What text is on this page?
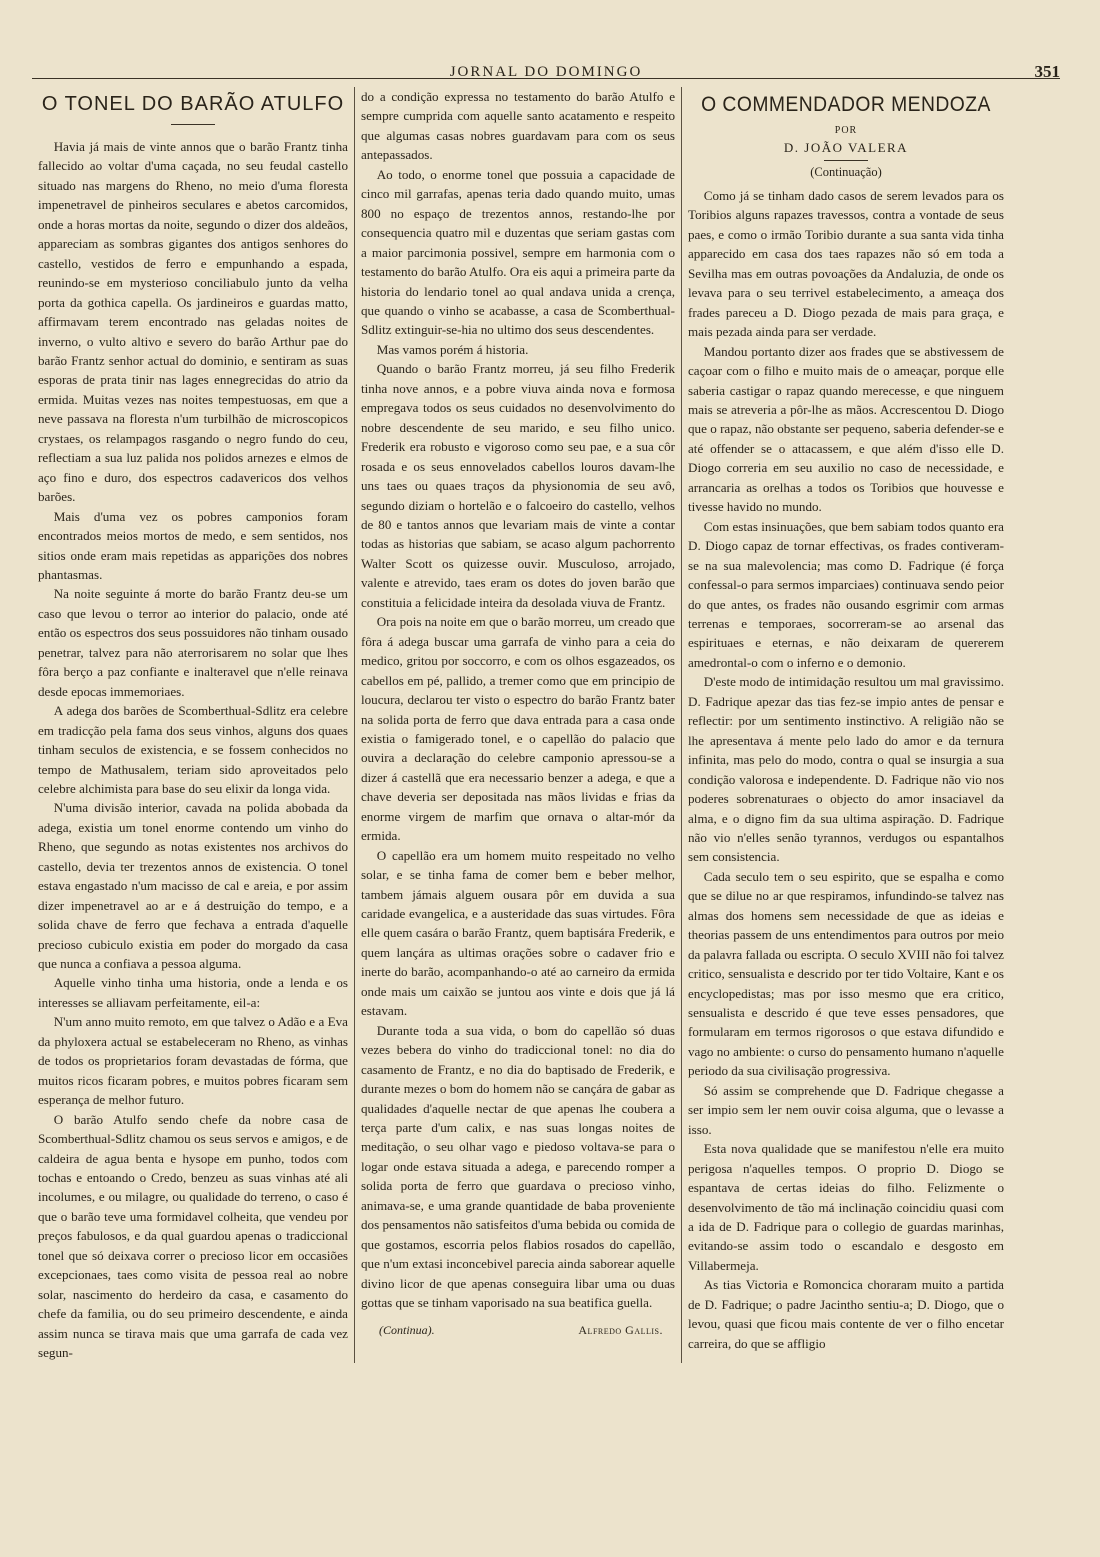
JORNAL DO DOMINGO	351
O TONEL DO BARÃO ATULFO

Havia já mais de vinte annos que o barão Frantz tinha fallecido ao voltar d'uma caçada, no seu feudal castello situado nas margens do Rheno, no meio d'uma floresta impenetravel de pinheiros seculares e abetos carcomidos, onde a horas mortas da noite, segundo o dizer dos aldeãos, appareciam as sombras gigantes dos antigos senhores do castello, vestidos de ferro e empunhando a espada, reunindo-se em mysterioso conciliabulo junto da velha porta da gothica capella. Os jardineiros e guardas matto, affirmavam terem encontrado nas geladas noites de inverno, o vulto altivo e severo do barão Arthur pae do barão Frantz senhor actual do dominio, e sentiram as suas esporas de prata tinir nas lages ennegrecidas do atrio da ermida. Muitas vezes nas noites tempestuosas, em que a neve passava na floresta n'um turbilhão de microscopicos crystaes, os relampagos rasgando o negro fundo do ceu, reflectiam a sua luz palida nos polidos arnezes e elmos de aço fino e duro, dos espectros cadavericos dos velhos barões.

Mais d'uma vez os pobres camponios foram encontrados meios mortos de medo, e sem sentidos, nos sitios onde eram mais repetidas as apparições dos nobres phantasmas.

Na noite seguinte á morte do barão Frantz deu-se um caso que levou o terror ao interior do palacio, onde até então os espectros dos seus possuidores não tinham ousado penetrar, talvez para não aterrorisarem no solar que lhes fôra berço a paz confiante e inalteravel que n'elle reinava desde epocas immemoriaes.

A adega dos barões de Scomberthual-Sdlitz era celebre em tradicção pela fama dos seus vinhos, alguns dos quaes tinham seculos de existencia, e se fossem conhecidos no tempo de Mathusalem, teriam sido aproveitados pelo celebre alchimista para base do seu elixir da longa vida.

N'uma divisão interior, cavada na polida abobada da adega, existia um tonel enorme contendo um vinho do Rheno, que segundo as notas existentes nos archivos do castello, devia ter trezentos annos de existencia. O tonel estava engastado n'um macisso de cal e areia, e por assim dizer impenetravel ao ar e á destruição do tempo, e a solida chave de ferro que fechava a entrada d'aquelle precioso cubiculo existia em poder do morgado da casa que nunca a confiava a pessoa alguma.

Aquelle vinho tinha uma historia, onde a lenda e os interesses se alliavam perfeitamente, eil-a:

N'um anno muito remoto, em que talvez o Adão e a Eva da phyloxera actual se estabeleceram no Rheno, as vinhas de todos os proprietarios foram devastadas de fórma, que muitos ricos ficaram pobres, e muitos pobres ficaram sem esperança de melhor futuro.

O barão Atulfo sendo chefe da nobre casa de Scomberthual-Sdlitz chamou os seus servos e amigos, e de caldeira de agua benta e hysope em punho, todos com tochas e entoando o Credo, benzeu as suas vinhas até ali incolumes, e ou milagre, ou qualidade do terreno, o caso é que o barão teve uma formidavel colheita, que vendeu por preços fabulosos, e da qual guardou apenas o tradiccional tonel que só deixava correr o precioso licor em occasiões excepcionaes, taes como visita de pessoa real ao nobre solar, nascimento do herdeiro da casa, e casamento do chefe da familia, ou do seu primeiro descendente, e ainda assim nunca se tirava mais que uma garrafa de cada vez segun-

do a condição expressa no testamento do barão Atulfo e sempre cumprida com aquelle santo acatamento e respeito que algumas casas nobres guardavam para com os seus antepassados.

Ao todo, o enorme tonel que possuia a capacidade de cinco mil garrafas, apenas teria dado quando muito, umas 800 no espaço de trezentos annos, restando-lhe por consequencia quatro mil e duzentas que seriam gastas com a maior parcimonia possivel, sempre em harmonia com o testamento do barão Atulfo. Ora eis aqui a primeira parte da historia do lendario tonel ao qual andava unida a crença, que quando o vinho se acabasse, a casa de Scomberthual-Sdlitz extinguir-se-hia no ultimo dos seus descendentes.

Mas vamos porém á historia.

Quando o barão Frantz morreu, já seu filho Frederik tinha nove annos, e a pobre viuva ainda nova e formosa empregava todos os seus cuidados no desenvolvimento do nobre descendente de seu marido, e seu filho unico. Frederik era robusto e vigoroso como seu pae, e a sua côr rosada e os seus ennovelados cabellos louros davam-lhe uns taes ou quaes traços da physionomia de seu avô, segundo diziam o hortelão e o falcoeiro do castello, velhos de 80 e tantos annos que levariam mais de vinte a contar todas as historias que sabiam, se acaso algum pachorrento Walter Scott os quizesse ouvir. Musculoso, arrojado, valente e atrevido, taes eram os dotes do joven barão que constituia a felicidade inteira da desolada viuva de Frantz.

Ora pois na noite em que o barão morreu, um creado que fôra á adega buscar uma garrafa de vinho para a ceia do medico, gritou por soccorro, e com os olhos esgazeados, os cabellos em pé, pallido, a tremer como que em principio de loucura, declarou ter visto o espectro do barão Frantz bater na solida porta de ferro que dava entrada para a casa onde existia o famigerado tonel, e o capellão do palacio que ouvira a declaração do celebre camponio apressou-se a dizer á castellã que era necessario benzer a adega, e que a chave deveria ser depositada nas mãos lividas e frias da enorme virgem de marfim que ornava o altar-mór da ermida.

O capellão era um homem muito respeitado no velho solar, e se tinha fama de comer bem e beber melhor, tambem jámais alguem ousara pôr em duvida a sua caridade evangelica, e a austeridade das suas virtudes. Fôra elle quem casára o barão Frantz, quem baptisára Frederik, e quem lançára as ultimas orações sobre o cadaver frio e inerte do barão, acompanhando-o até ao carneiro da ermida onde mais um caixão se juntou aos vinte e dois que já lá estavam.

Durante toda a sua vida, o bom do capellão só duas vezes bebera do vinho do tradiccional tonel: no dia do casamento de Frantz, e no dia do baptisado de Frederik, e durante mezes o bom do homem não se cançára de gabar as qualidades d'aquelle nectar de que apenas lhe coubera a terça parte d'um calix, e nas suas longas noites de meditação, o seu olhar vago e piedoso voltava-se para o logar onde estava situada a adega, e parecendo romper a solida porta de ferro que guardava o precioso vinho, animava-se, e uma grande quantidade de baba proveniente dos pensamentos não satisfeitos d'uma bebida ou comida de que gostamos, escorria pelos flabios rosados do capellão, que n'um extasi inconcebivel parecia ainda saborear aquelle divino licor de que apenas conseguira libar uma ou duas gottas que se tinham vaporisado na sua beatifica guella.

(Continua).	Alfredo Gallis.
O COMMENDADOR MENDOZA
POR
D. JOÃO VALERA
(Continuação)

Como já se tinham dado casos de serem levados para os Toribios alguns rapazes travessos, contra a vontade de seus paes, e como o irmão Toribio durante a sua santa vida tinha apparecido em casa dos taes rapazes não só em toda a Sevilha mas em outras povoações da Andaluzia, de onde os levava para o seu terrivel estabelecimento, a ameaça dos frades pareceu a D. Diogo pezada de mais para graça, e mais pezada ainda para ser verdade.

Mandou portanto dizer aos frades que se abstivessem de caçoar com o filho e muito mais de o ameaçar, porque elle saberia castigar o rapaz quando merecesse, e que ninguem mais se atreveria a pôr-lhe as mãos. Accrescentou D. Diogo que o rapaz, não obstante ser pequeno, saberia defender-se e até offender se o attacassem, e que além d'isso elle D. Diogo correria em seu auxilio no caso de necessidade, e arrancaria as orelhas a todos os Toribios que houvesse e tivesse havido no mundo.

Com estas insinuações, que bem sabiam todos quanto era D. Diogo capaz de tornar effectivas, os frades contiveram-se na sua malevolencia; mas como D. Fadrique (é força confessal-o para sermos imparciaes) continuava sendo peior do que antes, os frades não ousando esgrimir com armas terrenas e temporaes, socorreram-se ao arsenal das espirituaes e eternas, e não deixaram de quererem amedrontal-o com o inferno e o demonio.

D'este modo de intimidação resultou um mal gravissimo. D. Fadrique apezar das tias fez-se impio antes de pensar e reflectir: por um sentimento instinctivo. A religião não se lhe apresentava á mente pelo lado do amor e da ternura infinita, mas pelo do modo, contra o qual se insurgia a sua condição valorosa e independente. D. Fadrique não vio nos poderes sobrenaturaes o objecto do amor insaciavel da alma, e o digno fim da sua ultima aspiração. D. Fadrique não vio n'elles senão tyrannos, verdugos ou espantalhos sem consistencia.

Cada seculo tem o seu espirito, que se espalha e como que se dilue no ar que respiramos, infundindo-se talvez nas almas dos homens sem necessidade de que as ideias e theorias passem de uns entendimentos para outros por meio da palavra fallada ou escripta. O seculo XVIII não foi talvez critico, sensualista e descrido por ter tido Voltaire, Kant e os encyclopedistas; mas por isso mesmo que era critico, sensualista e descrido é que teve esses pensadores, que formularam em termos rigorosos o que estava difundido e vago no ambiente: o curso do pensamento humano n'aquelle periodo da sua civilisação progressiva.

Só assim se comprehende que D. Fadrique chegasse a ser impio sem ler nem ouvir coisa alguma, que o levasse a isso.

Esta nova qualidade que se manifestou n'elle era muito perigosa n'aquelles tempos. O proprio D. Diogo se espantava de certas ideias do filho. Felizmente o desenvolvimento de tão má inclinação coincidiu quasi com a ida de D. Fadrique para o collegio de guardas marinhas, evitando-se assim todo o escandalo e desgosto em Villabermeja.

As tias Victoria e Romoncica choraram muito a partida de D. Fadrique; o padre Jacintho sentiu-a; D. Diogo, que o levou, quasi que ficou mais contente de ver o filho encetar carreira, do que se affligio
